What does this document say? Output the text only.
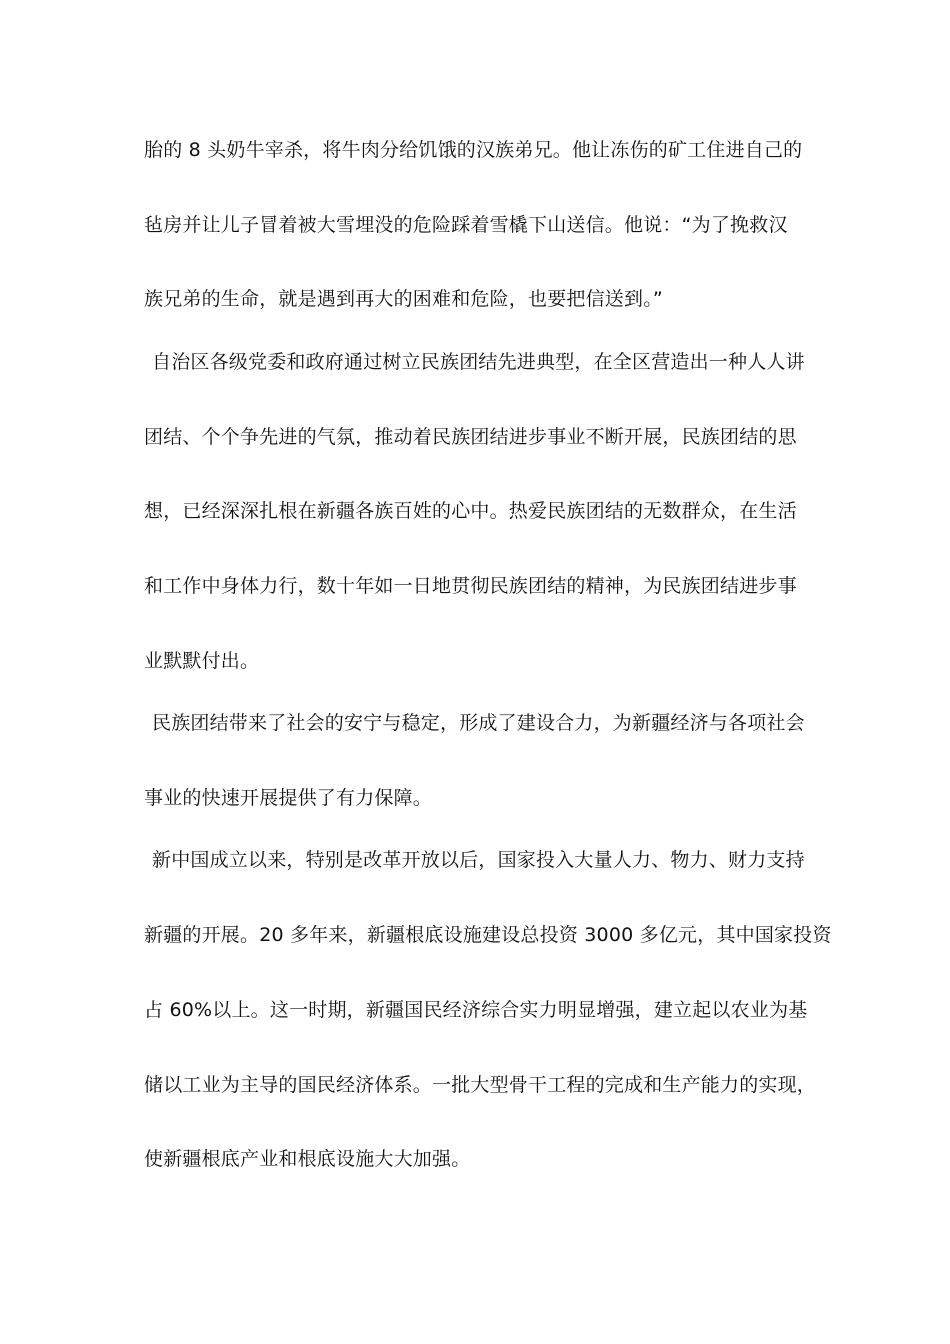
胎的 8 头奶牛宰杀，将牛肉分给饥饿的汉族弟兄。他让冻伤的矿工住进自己的
毡房并让儿子冒着被大雪埋没的危险踩着雪橇下山送信。他说：“为了挽救汉
族兄弟的生命，就是遇到再大的困难和危险，也要把信送到。”
自治区各级党委和政府通过树立民族团结先进典型，在全区营造出一种人人讲
团结、个个争先进的气氛，推动着民族团结进步事业不断开展，民族团结的思
想，已经深深扎根在新疆各族百姓的心中。热爱民族团结的无数群众，在生活
和工作中身体力行，数十年如一日地贯彻民族团结的精神，为民族团结进步事
业默默付出。
民族团结带来了社会的安宁与稳定，形成了建设合力，为新疆经济与各项社会
事业的快速开展提供了有力保障。
新中国成立以来，特别是改革开放以后，国家投入大量人力、物力、财力支持
新疆的开展。20 多年来，新疆根底设施建设总投资 3000 多亿元，其中国家投资
占 60%以上。这一时期，新疆国民经济综合实力明显增强，建立起以农业为基
储以工业为主导的国民经济体系。一批大型骨干工程的完成和生产能力的实现，
使新疆根底产业和根底设施大大加强。
